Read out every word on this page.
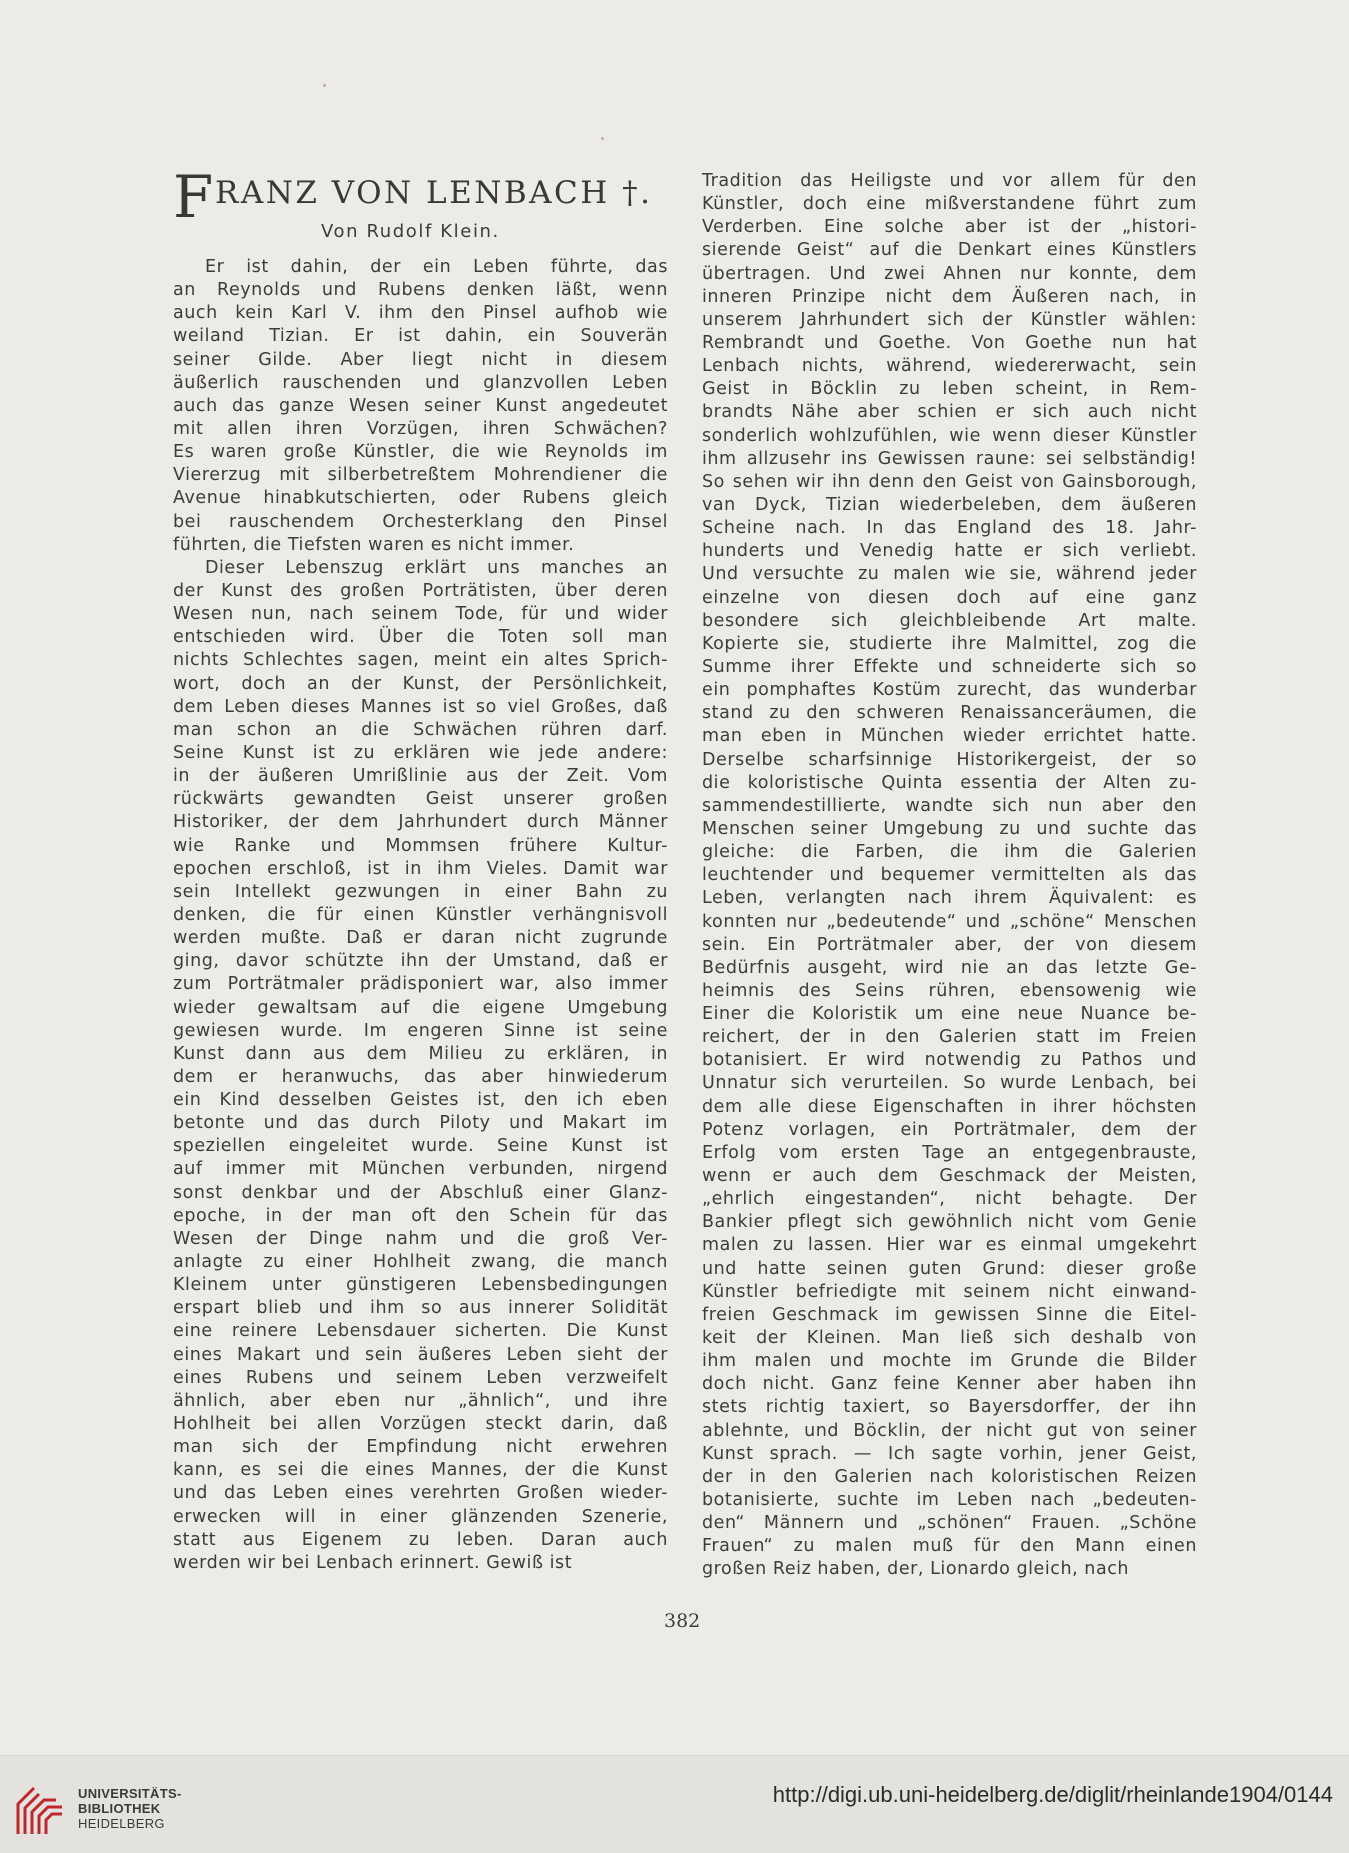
F RANZ VON LENBACH †.
Von Rudolf Klein.
Er ist dahin, der ein Leben führte, das
an Reynolds und Rubens denken läßt, wenn
auch kein Karl V. ihm den Pinsel aufhob wie
weiland Tizian. Er ist dahin, ein Souverän
seiner Gilde. Aber liegt nicht in diesem
äußerlich rauschenden und glanzvollen Leben
auch das ganze Wesen seiner Kunst angedeutet
mit allen ihren Vorzügen, ihren Schwächen?
Es waren große Künstler, die wie Reynolds im
Viererzug mit silberbetreßtem Mohrendiener die
Avenue hinabkutschierten, oder Rubens gleich
bei rauschendem Orchesterklang den Pinsel
führten, die Tiefsten waren es nicht immer.
Dieser Lebenszug erklärt uns manches an
der Kunst des großen Porträtisten, über deren
Wesen nun, nach seinem Tode, für und wider
entschieden wird. Über die Toten soll man
nichts Schlechtes sagen, meint ein altes Sprich-
wort, doch an der Kunst, der Persönlichkeit,
dem Leben dieses Mannes ist so viel Großes, daß
man schon an die Schwächen rühren darf.
Seine Kunst ist zu erklären wie jede andere:
in der äußeren Umrißlinie aus der Zeit. Vom
rückwärts gewandten Geist unserer großen
Historiker, der dem Jahrhundert durch Männer
wie Ranke und Mommsen frühere Kultur-
epochen erschloß, ist in ihm Vieles. Damit war
sein Intellekt gezwungen in einer Bahn zu
denken, die für einen Künstler verhängnisvoll
werden mußte. Daß er daran nicht zugrunde
ging, davor schützte ihn der Umstand, daß er
zum Porträtmaler prädisponiert war, also immer
wieder gewaltsam auf die eigene Umgebung
gewiesen wurde. Im engeren Sinne ist seine
Kunst dann aus dem Milieu zu erklären, in
dem er heranwuchs, das aber hinwiederum
ein Kind desselben Geistes ist, den ich eben
betonte und das durch Piloty und Makart im
speziellen eingeleitet wurde. Seine Kunst ist
auf immer mit München verbunden, nirgend
sonst denkbar und der Abschluß einer Glanz-
epoche, in der man oft den Schein für das
Wesen der Dinge nahm und die groß Ver-
anlagte zu einer Hohlheit zwang, die manch
Kleinem unter günstigeren Lebensbedingungen
erspart blieb und ihm so aus innerer Solidität
eine reinere Lebensdauer sicherten. Die Kunst
eines Makart und sein äußeres Leben sieht der
eines Rubens und seinem Leben verzweifelt
ähnlich, aber eben nur „ähnlich“, und ihre
Hohlheit bei allen Vorzügen steckt darin, daß
man sich der Empfindung nicht erwehren
kann, es sei die eines Mannes, der die Kunst
und das Leben eines verehrten Großen wieder-
erwecken will in einer glänzenden Szenerie,
statt aus Eigenem zu leben. Daran auch
werden wir bei Lenbach erinnert. Gewiß ist
Tradition das Heiligste und vor allem für den
Künstler, doch eine mißverstandene führt zum
Verderben. Eine solche aber ist der „histori-
sierende Geist“ auf die Denkart eines Künstlers
übertragen. Und zwei Ahnen nur konnte, dem
inneren Prinzipe nicht dem Äußeren nach, in
unserem Jahrhundert sich der Künstler wählen:
Rembrandt und Goethe. Von Goethe nun hat
Lenbach nichts, während, wiedererwacht, sein
Geist in Böcklin zu leben scheint, in Rem-
brandts Nähe aber schien er sich auch nicht
sonderlich wohlzufühlen, wie wenn dieser Künstler
ihm allzusehr ins Gewissen raune: sei selbständig!
So sehen wir ihn denn den Geist von Gainsborough,
van Dyck, Tizian wiederbeleben, dem äußeren
Scheine nach. In das England des 18. Jahr-
hunderts und Venedig hatte er sich verliebt.
Und versuchte zu malen wie sie, während jeder
einzelne von diesen doch auf eine ganz
besondere sich gleichbleibende Art malte.
Kopierte sie, studierte ihre Malmittel, zog die
Summe ihrer Effekte und schneiderte sich so
ein pomphaftes Kostüm zurecht, das wunderbar
stand zu den schweren Renaissanceräumen, die
man eben in München wieder errichtet hatte.
Derselbe scharfsinnige Historikergeist, der so
die koloristische Quinta essentia der Alten zu-
sammendestillierte, wandte sich nun aber den
Menschen seiner Umgebung zu und suchte das
gleiche: die Farben, die ihm die Galerien
leuchtender und bequemer vermittelten als das
Leben, verlangten nach ihrem Äquivalent: es
konnten nur „bedeutende“ und „schöne“ Menschen
sein. Ein Porträtmaler aber, der von diesem
Bedürfnis ausgeht, wird nie an das letzte Ge-
heimnis des Seins rühren, ebensowenig wie
Einer die Koloristik um eine neue Nuance be-
reichert, der in den Galerien statt im Freien
botanisiert. Er wird notwendig zu Pathos und
Unnatur sich verurteilen. So wurde Lenbach, bei
dem alle diese Eigenschaften in ihrer höchsten
Potenz vorlagen, ein Porträtmaler, dem der
Erfolg vom ersten Tage an entgegenbrauste,
wenn er auch dem Geschmack der Meisten,
„ehrlich eingestanden“, nicht behagte. Der
Bankier pflegt sich gewöhnlich nicht vom Genie
malen zu lassen. Hier war es einmal umgekehrt
und hatte seinen guten Grund: dieser große
Künstler befriedigte mit seinem nicht einwand-
freien Geschmack im gewissen Sinne die Eitel-
keit der Kleinen. Man ließ sich deshalb von
ihm malen und mochte im Grunde die Bilder
doch nicht. Ganz feine Kenner aber haben ihn
stets richtig taxiert, so Bayersdorffer, der ihn
ablehnte, und Böcklin, der nicht gut von seiner
Kunst sprach. — Ich sagte vorhin, jener Geist,
der in den Galerien nach koloristischen Reizen
botanisierte, suchte im Leben nach „bedeuten-
den“ Männern und „schönen“ Frauen. „Schöne
Frauen“ zu malen muß für den Mann einen
großen Reiz haben, der, Lionardo gleich, nach
382
UNIVERSITÄTS-
BIBLIOTHEK
HEIDELBERG
http://digi.ub.uni-heidelberg.de/diglit/rheinlande1904/0144
